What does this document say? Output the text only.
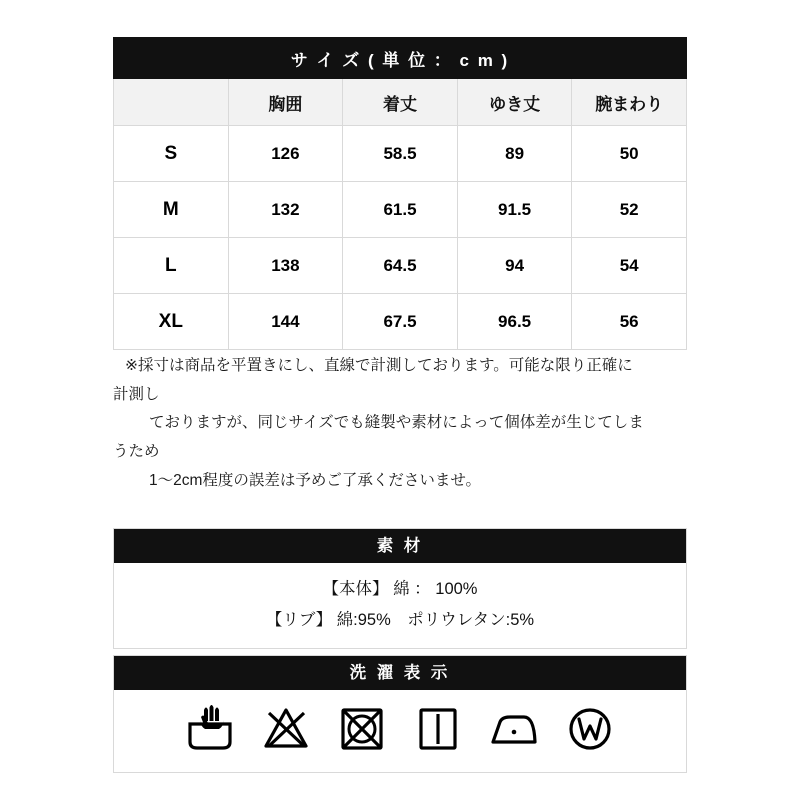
サ イ ズ ( 単 位 ： c m )				
	胸囲	着丈	ゆき丈	腕まわり
S	126	58.5	89	50
M	132	61.5	91.5	52
L	138	64.5	94	54
XL	144	67.5	96.5	56

※採寸は商品を平置きにし、直線で計測しております。可能な限り正確に

計測し

ておりますが、同じサイズでも縫製や素材によって個体差が生じてしま

うため

1〜2cm程度の誤差は予めご了承くださいませ。

素 材
【本体】 綿 ： 100%
【リブ】 綿:95%　ポリウレタン:5%
洗 濯 表 示
